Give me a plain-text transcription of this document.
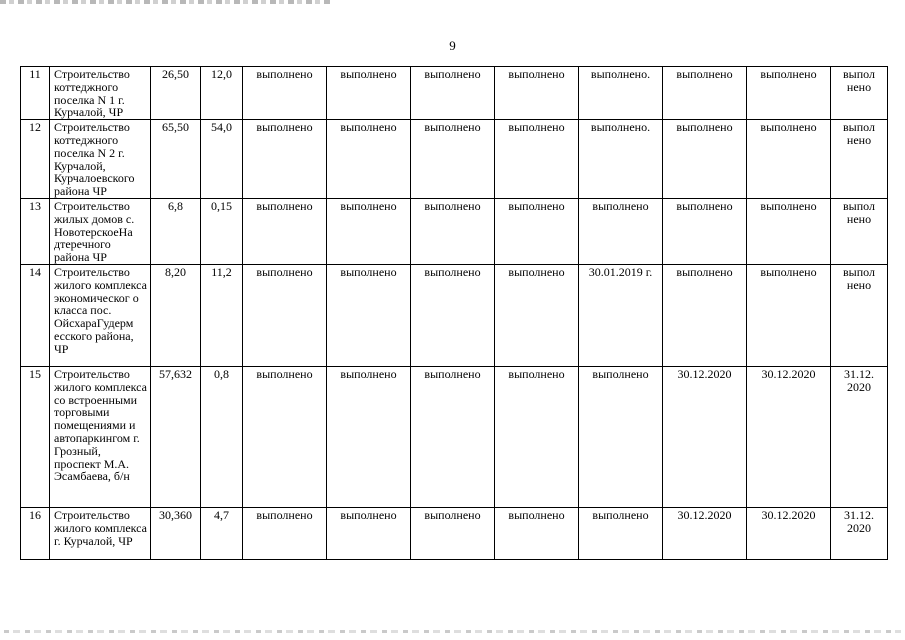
9
11	Строительство коттеджного поселка N 1 г. Курчалой, ЧР	26,50	12,0	выполнено	выполнено	выполнено	выполнено	выполнено.	выполнено	выполнено	выпол нено
12	Строительство коттеджного поселка N 2 г. Курчалой, Курчалоевского района ЧР	65,50	54,0	выполнено	выполнено	выполнено	выполнено	выполнено.	выполнено	выполнено	выпол нено
13	Строительство жилых домов с. НовотерскоеНа дтеречного района ЧР	6,8	0,15	выполнено	выполнено	выполнено	выполнено	выполнено	выполнено	выполнено	выпол нено
14	Строительство жилого комплекса экономическог о класса пос. ОйсхараГудерм есского района, ЧР	8,20	11,2	выполнено	выполнено	выполнено	выполнено	30.01.2019 г.	выполнено	выполнено	выпол нено
15	Строительство жилого комплекса со встроенными торговыми помещениями и автопаркингом г. Грозный, проспект М.А. Эсамбаева, б/н	57,632	0,8	выполнено	выполнено	выполнено	выполнено	выполнено	30.12.2020	30.12.2020	31.12. 2020
16	Строительство жилого комплекса г. Курчалой, ЧР	30,360	4,7	выполнено	выполнено	выполнено	выполнено	выполнено	30.12.2020	30.12.2020	31.12. 2020
